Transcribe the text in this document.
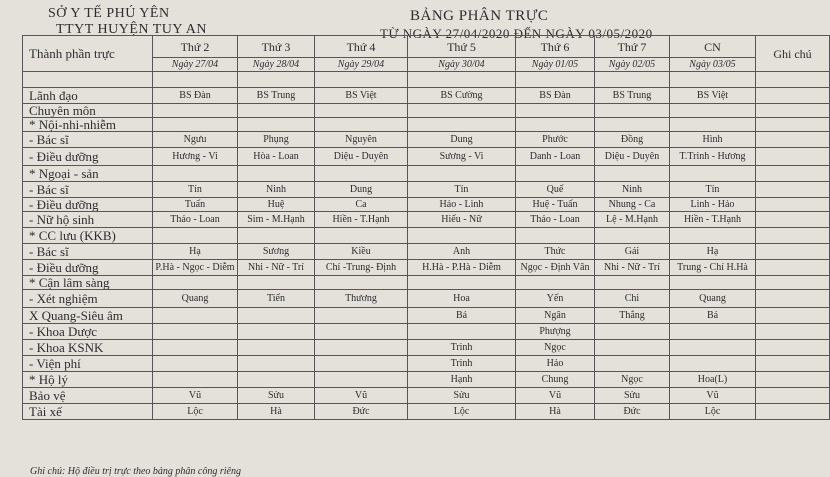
SỞ Y TẾ PHÚ YÊN
TTYT HUYỆN TUY AN
BẢNG PHÂN TRỰC
TỪ NGÀY 27/04/2020 ĐẾN NGÀY 03/05/2020
Thành phần trực	Thứ 2	Thứ 3	Thứ 4	Thứ 5	Thứ 6	Thứ 7	CN	Ghi chú
	Ngày 27/04	Ngày 28/04	Ngày 29/04	Ngày 30/04	Ngày 01/05	Ngày 02/05	Ngày 03/05	

Lãnh đạo	BS Đàn	BS Trung	BS Việt	BS Cường	BS Đàn	BS Trung	BS Việt	
Chuyên môn								
* Nội-nhi-nhiễm								
- Bác sĩ	Ngưu	Phụng	Nguyên	Dung	Phước	Đồng	Hình	
- Điều dưỡng	Hương - Vi	Hòa - Loan	Diệu - Duyên	Sương - Vi	Danh - Loan	Diệu - Duyên	T.Trinh - Hương	
* Ngoại - sản								
- Bác sĩ	Tín	Ninh	Dung	Tín	Quế	Ninh	Tín	
- Điều dưỡng	Tuấn	Huệ	Ca	Hảo - Linh	Huệ - Tuấn	Nhung - Ca	Linh - Hảo	
- Nữ hộ sinh	Thảo - Loan	Sim - M.Hạnh	Hiền - T.Hạnh	Hiếu - Nữ	Thảo - Loan	Lệ - M.Hạnh	Hiền - T.Hạnh	
* CC lưu (KKB)								
- Bác sĩ	Hạ	Sương	Kiều	Anh	Thức	Gái	Hạ	
- Điều dưỡng	P.Hà - Ngọc - Diễm	Nhi - Nữ - Trí	Chí -Trung- Định	H.Hà - P.Hà - Diễm	Ngọc - Định Vân	Nhi - Nữ - Trí	Trung - Chí H.Hà	
* Cận lâm sàng								
- Xét nghiệm	Quang	Tiến	Thương	Hoa	Yến	Chi	Quang	
X Quang-Siêu âm				Bá	Ngân	Thắng	Bá	
- Khoa Dược					Phượng			
- Khoa KSNK				Trinh	Ngọc			
- Viện phí				Trinh	Hảo			
* Hộ lý				Hạnh	Chung	Ngọc	Hoa(L)	
Bảo vệ	Vũ	Sửu	Vũ	Sửu	Vũ	Sửu	Vũ	
Tài xế	Lộc	Hà	Đức	Lộc	Hà	Đức	Lộc	
Ghi chú: Hộ điều trị trực theo bảng phân công riêng
